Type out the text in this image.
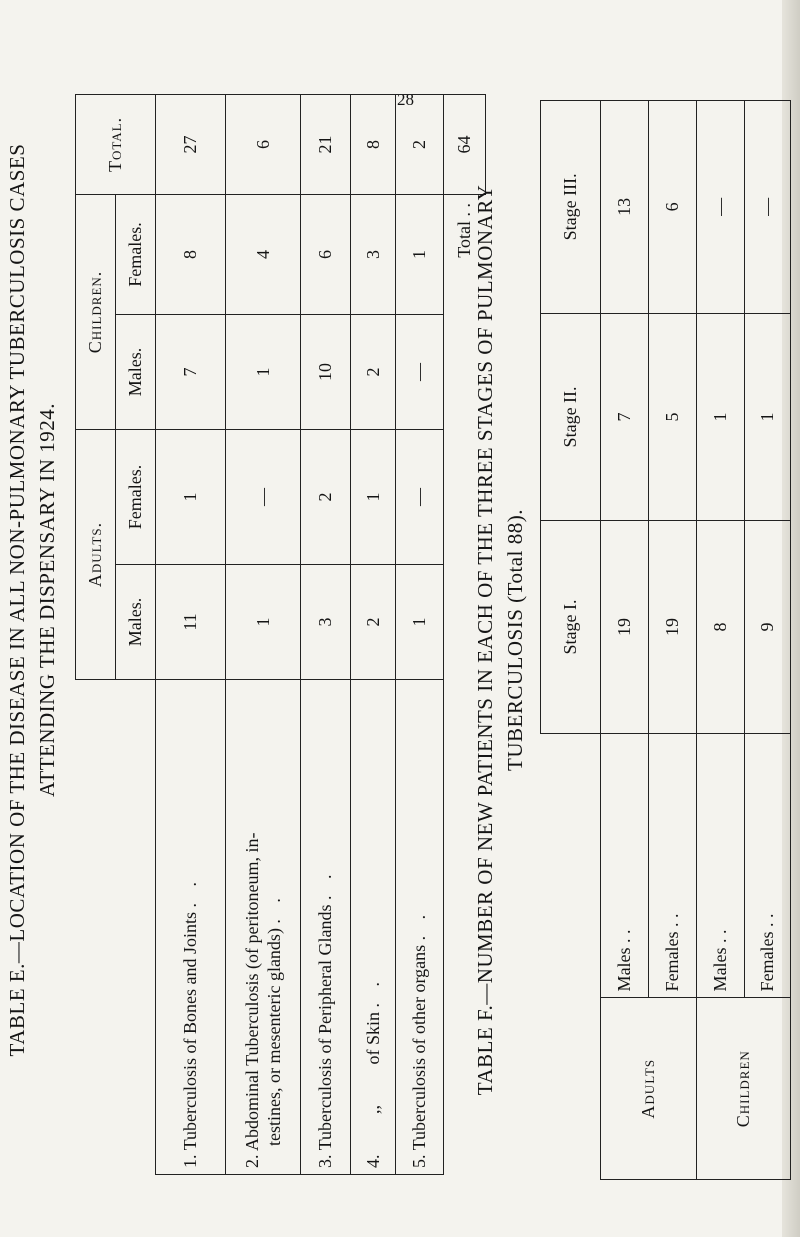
28
TABLE E.—LOCATION OF THE DISEASE IN ALL NON-PULMONARY TUBERCULOSIS CASES ATTENDING THE DISPENSARY IN 1924.
	Adults.		Children.		Total.
	Males.	Females.	Males.	Females.	
1. Tuberculosis of Bones and Joints . .	11	1	7	8	27

2. Abdominal Tuberculosis (of peritoneum, in- testines, or mesenteric glands) . .	1	—	1	4	6
3. Tuberculosis of Peripheral Glands . .	3	2	10	6	21
4.         ,,         of Skin . .	2	1	2	3	8
5. Tuberculosis of other organs . .	1	—	—	1	2
				Total . .	64
TABLE F.—NUMBER OF NEW PATIENTS IN EACH OF THE THREE STAGES OF PULMONARY TUBERCULOSIS (Total 88).
		Stage I.	Stage II.	Stage III.
Adults	Males . .	19	7	13
	Females . .	19	5	6
Children	Males . .	8	1	—
	Females . .	9	1	—
